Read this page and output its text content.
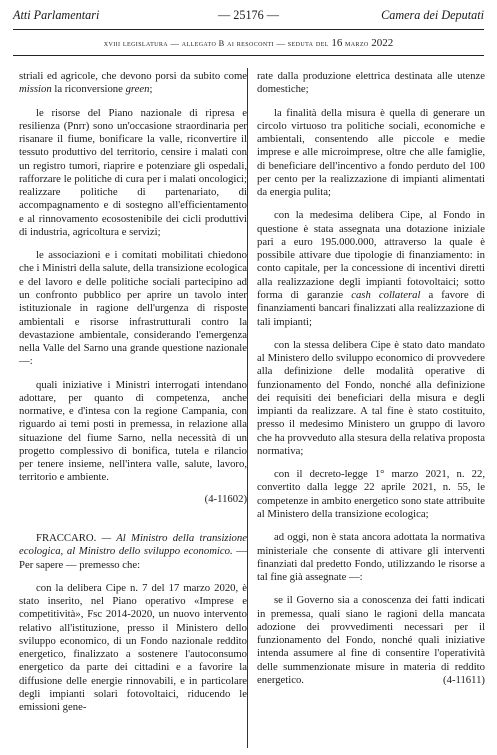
Atti Parlamentari	— 25176 —	Camera dei Deputati
xviii legislatura — allegato B ai resoconti — seduta del 16 marzo 2022

striali ed agricole, che devono porsi da subito come mission la riconversione green;

le risorse del Piano nazionale di ripresa e resilienza (Pnrr) sono un'occasione straordinaria per risanare il fiume, bonificare la valle, riconvertire il tessuto produttivo del territorio, censire i malati con un registro tumori, riaprire e potenziare gli ospedali, rafforzare le politiche di cura per i malati oncologici; realizzare politiche di partenariato, di accompagnamento e di sostegno all'efficientamento e al rinnovamento ecosostenibile dei cicli produttivi di industria, agricoltura e servizi;

le associazioni e i comitati mobilitati chiedono che i Ministri della salute, della transizione ecologica e del lavoro e delle politiche sociali partecipino ad un confronto pubblico per aprire un tavolo inter istituzionale in ragione dell'urgenza di risposte ambientali e risorse infrastrutturali contro la devastazione ambientale, considerando l'emergenza nella Valle del Sarno una grande questione nazionale —:

quali iniziative i Ministri interrogati intendano adottare, per quanto di competenza, anche normative, e d'intesa con la regione Campania, con riguardo ai temi posti in premessa, in relazione alla situazione del fiume Sarno, nella necessità di un progetto complessivo di bonifica, tutela e rilancio per tenere insieme, nell'intera valle, salute, lavoro, territorio e ambiente.

(4-11602)

FRACCARO. — Al Ministro della transizione ecologica, al Ministro dello sviluppo economico. — Per sapere — premesso che:

con la delibera Cipe n. 7 del 17 marzo 2020, è stato inserito, nel Piano operativo «Imprese e competitività», Fsc 2014-2020, un nuovo intervento relativo all'istituzione, presso il Ministero dello sviluppo economico, di un Fondo nazionale reddito energetico, finalizzato a sostenere l'autoconsumo energetico da parte dei cittadini e a favorire la diffusione delle energie rinnovabili, e in particolare degli impianti solari fotovoltaici, riducendo le emissioni gene-

rate dalla produzione elettrica destinata alle utenze domestiche;

la finalità della misura è quella di generare un circolo virtuoso tra politiche sociali, economiche e ambientali, consentendo alle piccole e medie imprese e alle microimprese, oltre che alle famiglie, di beneficiare dell'incentivo a fondo perduto del 100 per cento per la realizzazione di impianti alimentati da energia pulita;

con la medesima delibera Cipe, al Fondo in questione è stata assegnata una dotazione iniziale pari a euro 195.000.000, attraverso la quale è possibile attivare due tipologie di finanziamento: in conto capitale, per la concessione di incentivi diretti alla realizzazione degli impianti fotovoltaici; sotto forma di garanzie cash collateral a favore di finanziamenti bancari finalizzati alla realizzazione di tali impianti;

con la stessa delibera Cipe è stato dato mandato al Ministero dello sviluppo economico di provvedere alla definizione delle modalità operative di funzionamento del Fondo, nonché alla definizione dei requisiti dei beneficiari della misura e degli impianti da realizzare. A tal fine è stato costituito, presso il medesimo Ministero un gruppo di lavoro che ha provveduto alla stesura della relativa proposta normativa;

con il decreto-legge 1° marzo 2021, n. 22, convertito dalla legge 22 aprile 2021, n. 55, le competenze in ambito energetico sono state attribuite al Ministero della transizione ecologica;

ad oggi, non è stata ancora adottata la normativa ministeriale che consente di attivare gli interventi finanziati dal predetto Fondo, utilizzando le risorse a tal fine già assegnate —:

se il Governo sia a conoscenza dei fatti indicati in premessa, quali siano le ragioni della mancata adozione dei provvedimenti necessari per il funzionamento del Fondo, nonché quali iniziative intenda assumere al fine di consentire l'operatività delle summenzionate misure in materia di reddito energetico.	(4-11611)
